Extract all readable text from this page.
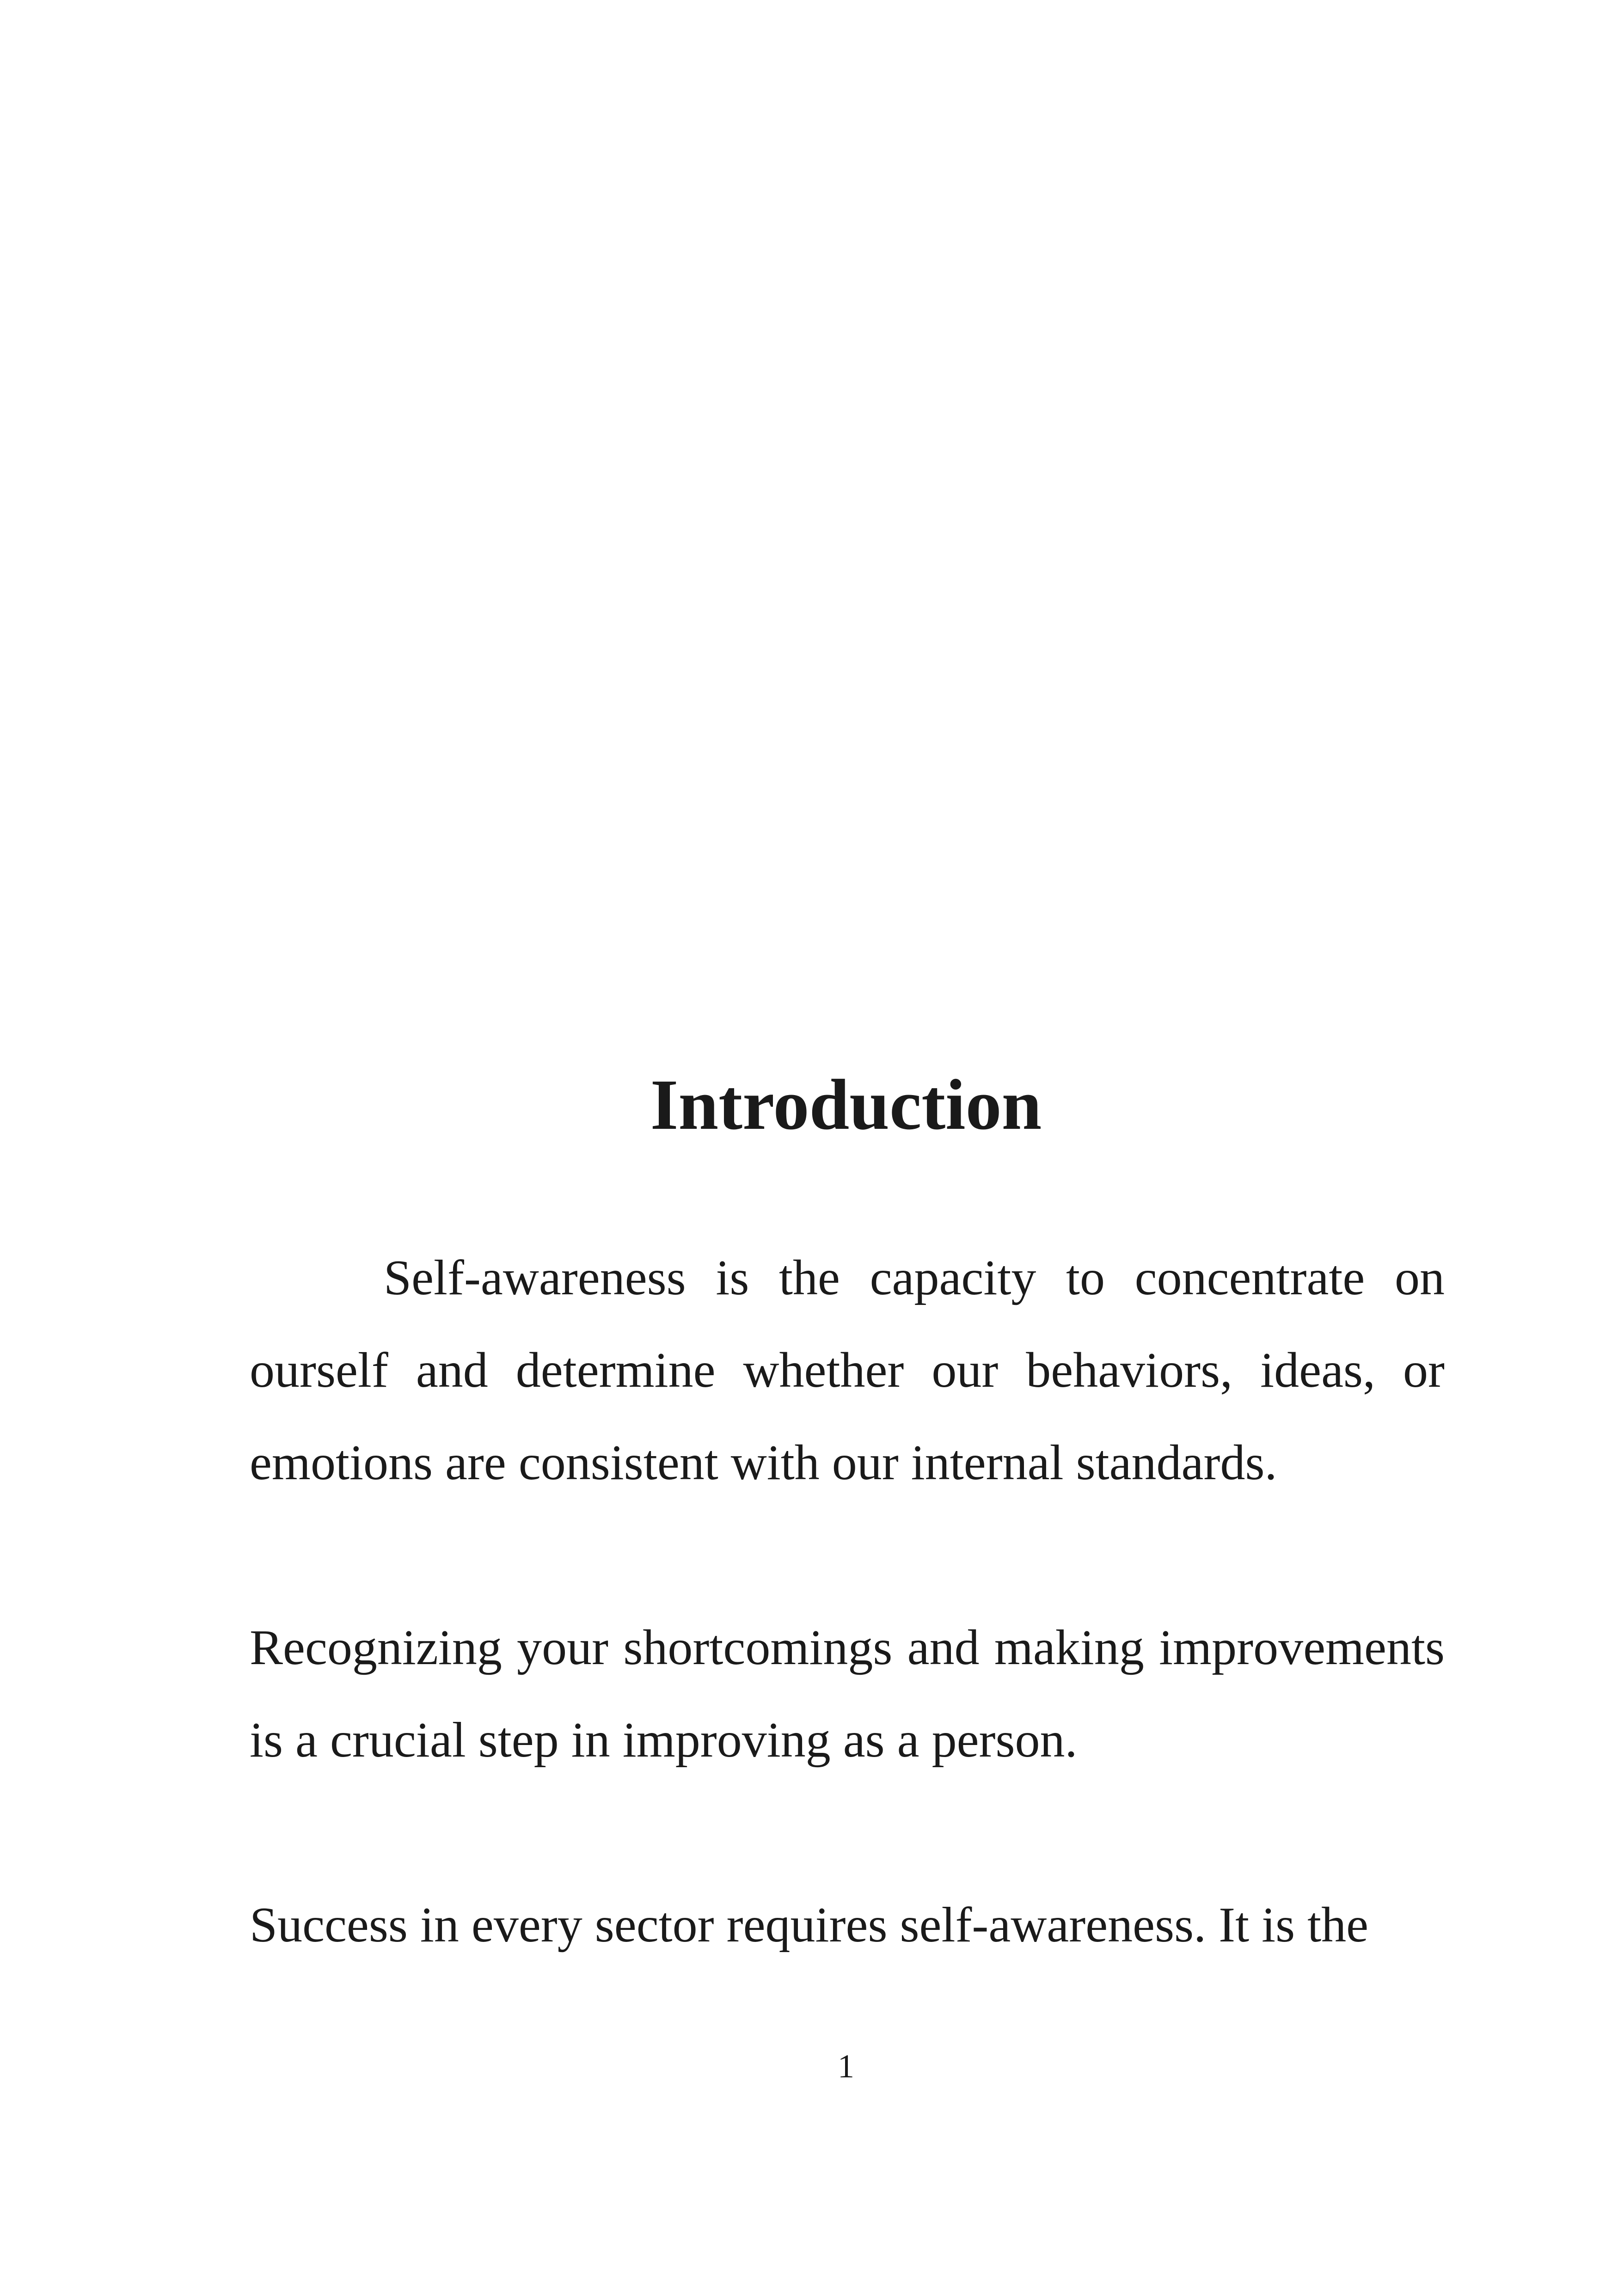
Introduction

Self-awareness is the capacity to concentrate on ourself and determine whether our behaviors, ideas, or emotions are consistent with our internal standards.

Recognizing your shortcomings and making improvements is a crucial step in improving as a person.

Success in every sector requires self-awareness. It is the

1
